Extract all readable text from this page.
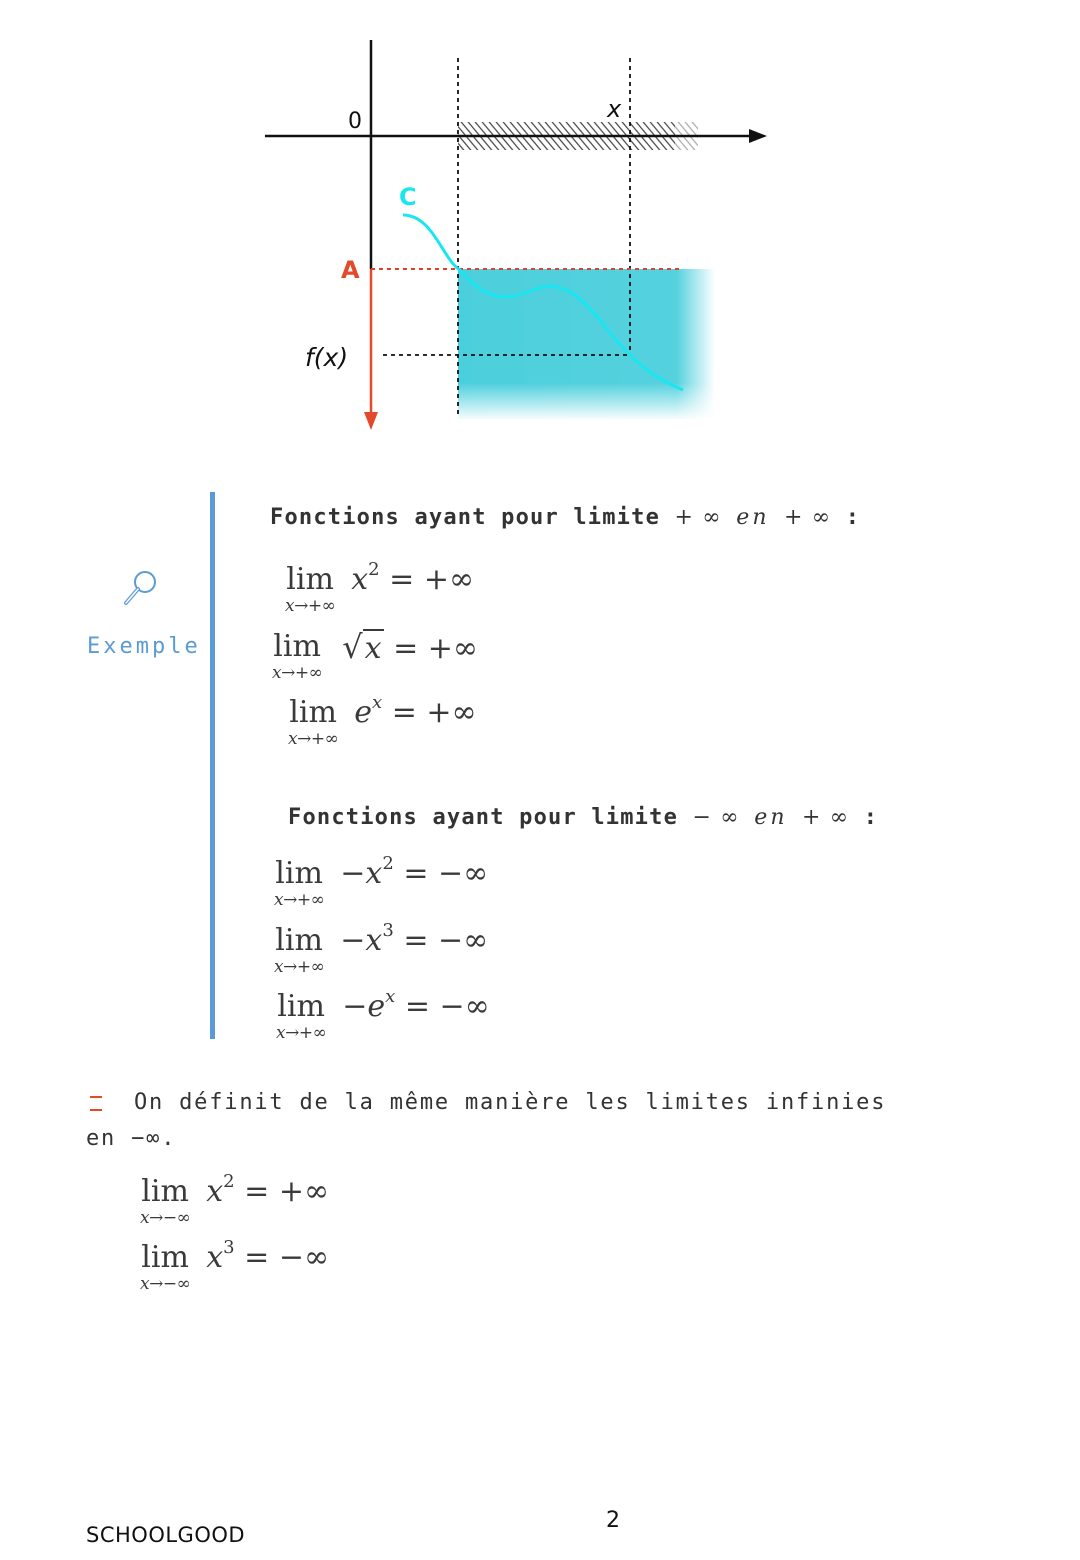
0	x
C
A
f(x)
Exemple
Fonctions ayant pour limite + ∞ en + ∞ :
lim
x→+∞
$x^2$ = +∞
lim
x→+∞
√x = +∞
lim
x→+∞
$e^x$ = +∞
Fonctions ayant pour limite − ∞ en + ∞ :
lim
x→+∞
$-x^2$ = −∞
lim
x→+∞
$-x^3$ = −∞
lim
x→+∞
$-e^x$ = −∞
On définit de la même manière les limites infinies
en −∞.
lim
x→−∞
$x^2$ = +∞
lim
x→−∞
$x^3$ = −∞
2
SCHOOLGOOD
